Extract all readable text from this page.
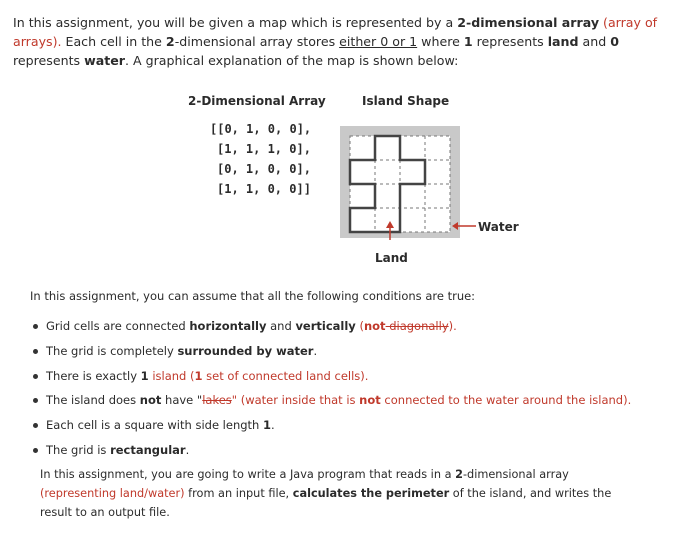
In this assignment, you will be given a map which is represented by a 2-dimensional array (array of
arrays). Each cell in the 2-dimensional array stores either 0 or 1 where 1 represents land and 0
represents water. A graphical explanation of the map is shown below:
2-Dimensional Array	Island Shape
[[0, 1, 0, 0],
[1, 1, 1, 0],
[0, 1, 0, 0],
[1, 1, 0, 0]]
Water
Land
In this assignment, you can assume that all the following conditions are true:
Grid cells are connected horizontally and vertically (not diagonally).
The grid is completely surrounded by water.
There is exactly 1 island (1 set of connected land cells).
The island does not have "lakes" (water inside that is not connected to the water around the island).
Each cell is a square with side length 1.
The grid is rectangular.
In this assignment, you are going to write a Java program that reads in a 2-dimensional array
(representing land/water) from an input file, calculates the perimeter of the island, and writes the
result to an output file.
